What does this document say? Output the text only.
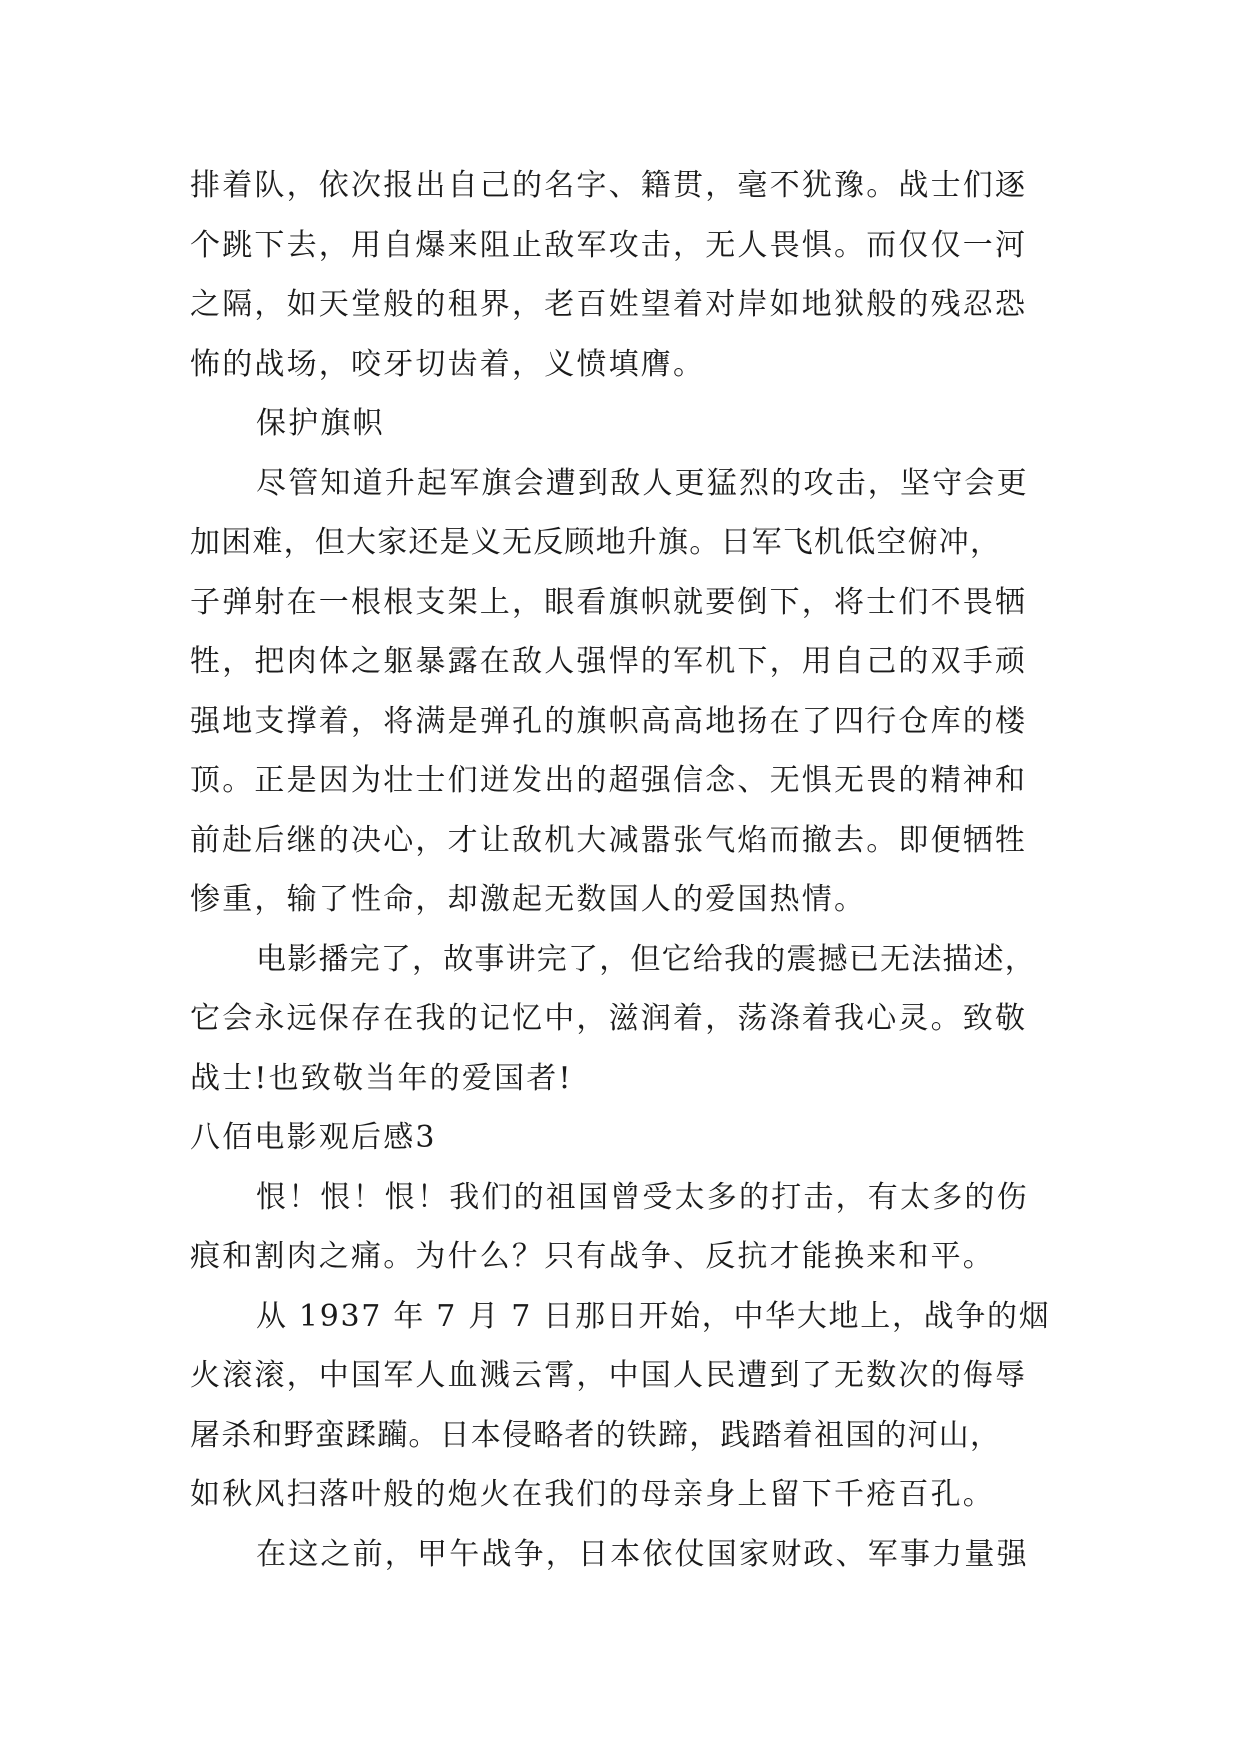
排着队，依次报出自己的名字、籍贯，毫不犹豫。战士们逐
个跳下去，用自爆来阻止敌军攻击，无人畏惧。而仅仅一河
之隔，如天堂般的租界，老百姓望着对岸如地狱般的残忍恐
怖的战场，咬牙切齿着，义愤填膺。
保护旗帜
尽管知道升起军旗会遭到敌人更猛烈的攻击，坚守会更
加困难，但大家还是义无反顾地升旗。日军飞机低空俯冲，
子弹射在一根根支架上，眼看旗帜就要倒下，将士们不畏牺
牲，把肉体之躯暴露在敌人强悍的军机下，用自己的双手顽
强地支撑着，将满是弹孔的旗帜高高地扬在了四行仓库的楼
顶。正是因为壮士们迸发出的超强信念、无惧无畏的精神和
前赴后继的决心，才让敌机大减嚣张气焰而撤去。即便牺牲
惨重，输了性命，却激起无数国人的爱国热情。
电影播完了，故事讲完了，但它给我的震撼已无法描述，
它会永远保存在我的记忆中，滋润着，荡涤着我心灵。致敬
战士!也致敬当年的爱国者!
八佰电影观后感3
恨！恨！恨！我们的祖国曾受太多的打击，有太多的伤
痕和割肉之痛。为什么？只有战争、反抗才能换来和平。
从 1937 年 7 月 7 日那日开始，中华大地上，战争的烟
火滚滚，中国军人血溅云霄，中国人民遭到了无数次的侮辱
屠杀和野蛮蹂躏。日本侵略者的铁蹄，践踏着祖国的河山，
如秋风扫落叶般的炮火在我们的母亲身上留下千疮百孔。
在这之前，甲午战争，日本依仗国家财政、军事力量强
